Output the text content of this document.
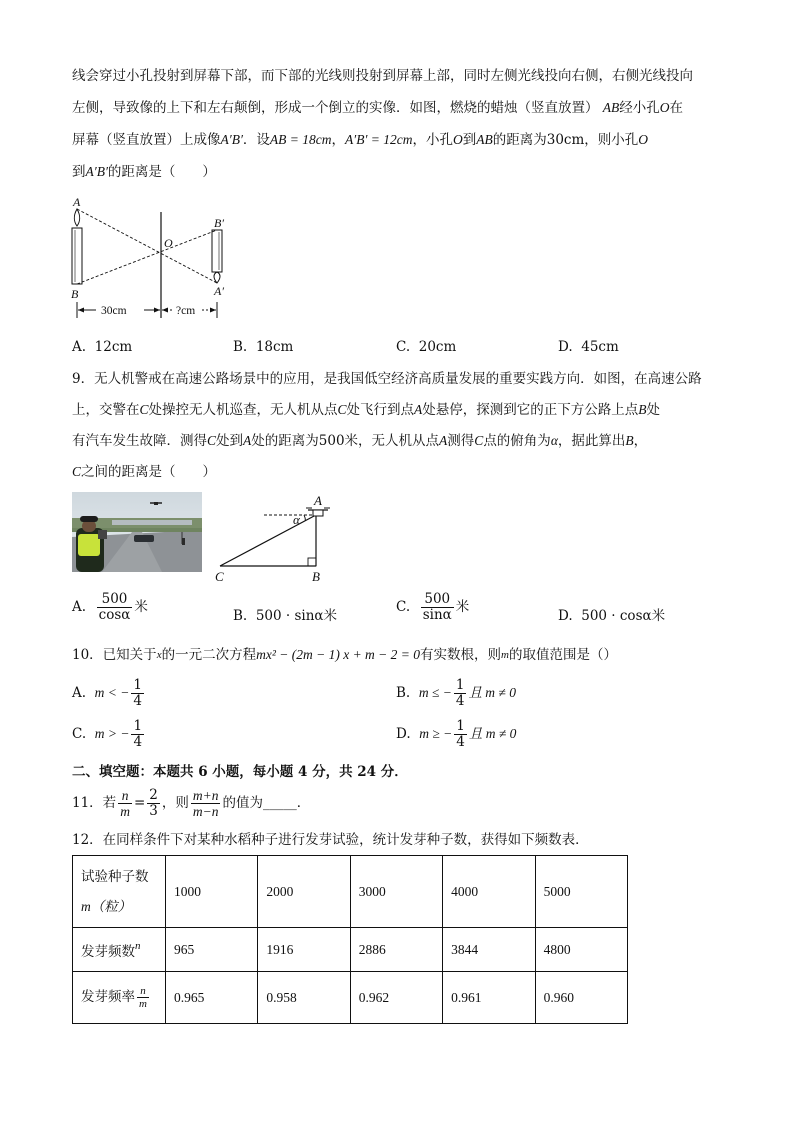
线会穿过小孔投射到屏幕下部，而下部的光线则投射到屏幕上部，同时左侧光线投向右侧，右侧光线投向
左侧，导致像的上下和左右颠倒，形成一个倒立的实像．如图，燃烧的蜡烛（竖直放置） AB经小孔O在
屏幕（竖直放置）上成像A′B′．设AB = 18cm，A′B′ = 12cm，小孔O到AB的距离为30cm，则小孔O
到A′B′的距离是（　　）
A
B
B′
A′
O
30cm	?cm
A. 12cm	B. 18cm	C. 20cm	D. 45cm
9．无人机警戒在高速公路场景中的应用，是我国低空经济高质量发展的重要实践方向．如图，在高速公路
上，交警在C处操控无人机巡查，无人机从点C处飞行到点A处悬停，探测到它的正下方公路上点B处
有汽车发生故障．测得C处到A处的距离为500米，无人机从点A测得C点的俯角为α，据此算出B，
C之间的距离是（　　）
A
α
B
C
A. $\frac{500}{\cos\alpha}$ 米
B. 500 · sinα米
C. $\frac{500}{\sin\alpha}$ 米
D. 500 · cosα米
10．已知关于$^x$的一元二次方程mx² − (2m − 1) x + m − 2 = 0有实数根，则$^m$的取值范围是（）
A. m < − $\frac{1}{4}$	B. m ≤ − $\frac{1}{4}$ 且 m ≠ 0
C. m > − $\frac{1}{4}$	D. m ≥ − $\frac{1}{4}$ 且 m ≠ 0
二、填空题：本题共 6 小题，每小题 4 分，共 24 分．
11．若 $\frac{n}{m} = \frac{2}{3}$ ，则 $\frac{m+n}{m-n}$ 的值为_____．
12．在同样条件下对某种水稻种子进行发芽试验，统计发芽种子数，获得如下频数表．
试验种子数
m（粒）	1000	2000	3000	4000	5000
发芽频数$^n$	965	1916	2886	3844	4800
发芽频率 $\frac{n}{m}$	0.965	0.958	0.962	0.961	0.960
